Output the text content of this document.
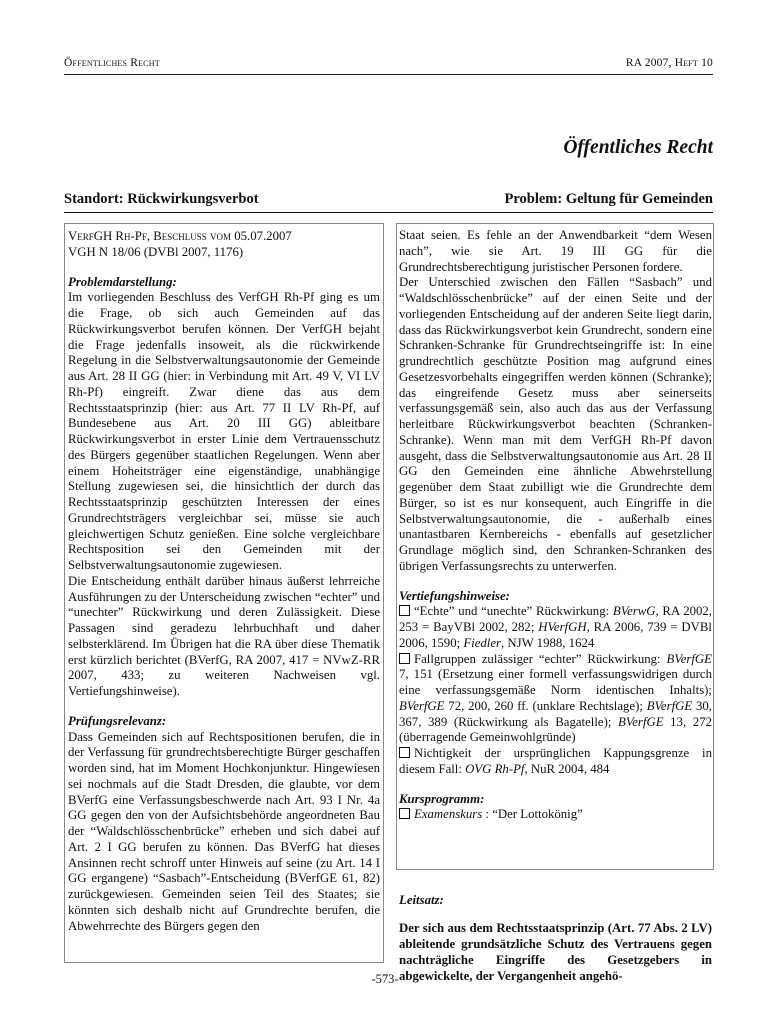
Öffentliches Recht	RA 2007, Heft 10
Öffentliches Recht
Standort: Rückwirkungsverbot	Problem: Geltung für Gemeinden

VerfGH Rh-Pf, Beschluss vom 05.07.2007

VGH N 18/06 (DVBl 2007, 1176)

Problemdarstellung:

Im vorliegenden Beschluss des VerfGH Rh-Pf ging es um die Frage, ob sich auch Gemeinden auf das Rückwirkungsverbot berufen können. Der VerfGH bejaht die Frage jedenfalls insoweit, als die rückwirkende Regelung in die Selbstverwaltungsautonomie der Gemeinde aus Art. 28 II GG (hier: in Verbindung mit Art. 49 V, VI LV Rh-Pf) eingreift. Zwar diene das aus dem Rechtsstaatsprinzip (hier: aus Art. 77 II LV Rh-Pf, auf Bundesebene aus Art. 20 III GG) ableitbare Rückwirkungsverbot in erster Linie dem Vertrauensschutz des Bürgers gegenüber staatlichen Regelungen. Wenn aber einem Hoheitsträger eine eigenständige, unabhängige Stellung zugewiesen sei, die hinsichtlich der durch das Rechtsstaatsprinzip geschützten Interessen der eines Grundrechtsträgers vergleichbar sei, müsse sie auch gleichwertigen Schutz genießen. Eine solche vergleichbare Rechtsposition sei den Gemeinden mit der Selbstverwaltungsautonomie zugewiesen.

Die Entscheidung enthält darüber hinaus äußerst lehrreiche Ausführungen zu der Unterscheidung zwischen “echter” und “unechter” Rückwirkung und deren Zulässigkeit. Diese Passagen sind geradezu lehrbuchhaft und daher selbsterklärend. Im Übrigen hat die RA über diese Thematik erst kürzlich berichtet (BVerfG, RA 2007, 417 = NVwZ-RR 2007, 433; zu weiteren Nachweisen vgl. Vertiefungshinweise).

Prüfungsrelevanz:

Dass Gemeinden sich auf Rechtspositionen berufen, die in der Verfassung für grundrechtsberechtigte Bürger geschaffen worden sind, hat im Moment Hochkonjunktur. Hingewiesen sei nochmals auf die Stadt Dresden, die glaubte, vor dem BVerfG eine Verfassungsbeschwerde nach Art. 93 I Nr. 4a GG gegen den von der Aufsichtsbehörde angeordneten Bau der “Waldschlösschenbrücke” erheben und sich dabei auf Art. 2 I GG berufen zu können. Das BVerfG hat dieses Ansinnen recht schroff unter Hinweis auf seine (zu Art. 14 I GG ergangene) “Sasbach”-Entscheidung (BVerfGE 61, 82) zurückgewiesen. Gemeinden seien Teil des Staates; sie könnten sich deshalb nicht auf Grundrechte berufen, die Abwehrrechte des Bürgers gegen den

Staat seien. Es fehle an der Anwendbarkeit “dem Wesen nach”, wie sie Art. 19 III GG für die Grundrechtsberechtigung juristischer Personen fordere.

Der Unterschied zwischen den Fällen “Sasbach” und “Waldschlösschenbrücke” auf der einen Seite und der vorliegenden Entscheidung auf der anderen Seite liegt darin, dass das Rückwirkungsverbot kein Grundrecht, sondern eine Schranken-Schranke für Grundrechtseingriffe ist: In eine grundrechtlich geschützte Position mag aufgrund eines Gesetzesvorbehalts eingegriffen werden können (Schranke); das eingreifende Gesetz muss aber seinerseits verfassungsgemäß sein, also auch das aus der Verfassung herleitbare Rückwirkungsverbot beachten (Schranken-Schranke). Wenn man mit dem VerfGH Rh-Pf davon ausgeht, dass die Selbstverwaltungsautonomie aus Art. 28 II GG den Gemeinden eine ähnliche Abwehrstellung gegenüber dem Staat zubilligt wie die Grundrechte dem Bürger, so ist es nur konsequent, auch Eingriffe in die Selbstverwaltungsautonomie, die - außerhalb eines unantastbaren Kernbereichs - ebenfalls auf gesetzlicher Grundlage möglich sind, den Schranken-Schranken des übrigen Verfassungsrechts zu unterwerfen.

Vertiefungshinweise:

“Echte” und “unechte” Rückwirkung: BVerwG, RA 2002, 253 = BayVBl 2002, 282; HVerfGH, RA 2006, 739 = DVBl 2006, 1590; Fiedler, NJW 1988, 1624

Fallgruppen zulässiger “echter” Rückwirkung: BVerfGE 7, 151 (Ersetzung einer formell verfassungswidrigen durch eine verfassungsgemäße Norm identischen Inhalts); BVerfGE 72, 200, 260 ff. (unklare Rechtslage); BVerfGE 30, 367, 389 (Rückwirkung als Bagatelle); BVerfGE 13, 272 (überragende Gemeinwohlgründe)

Nichtigkeit der ursprünglichen Kappungsgrenze in diesem Fall: OVG Rh-Pf, NuR 2004, 484

Kursprogramm:

Examenskurs : “Der Lottokönig”

Leitsatz:

Der sich aus dem Rechtsstaatsprinzip (Art. 77 Abs. 2 LV) ableitende grundsätzliche Schutz des Vertrauens gegen nachträgliche Eingriffe des Gesetzgebers in abgewickelte, der Vergangenheit angehö-

-573-
